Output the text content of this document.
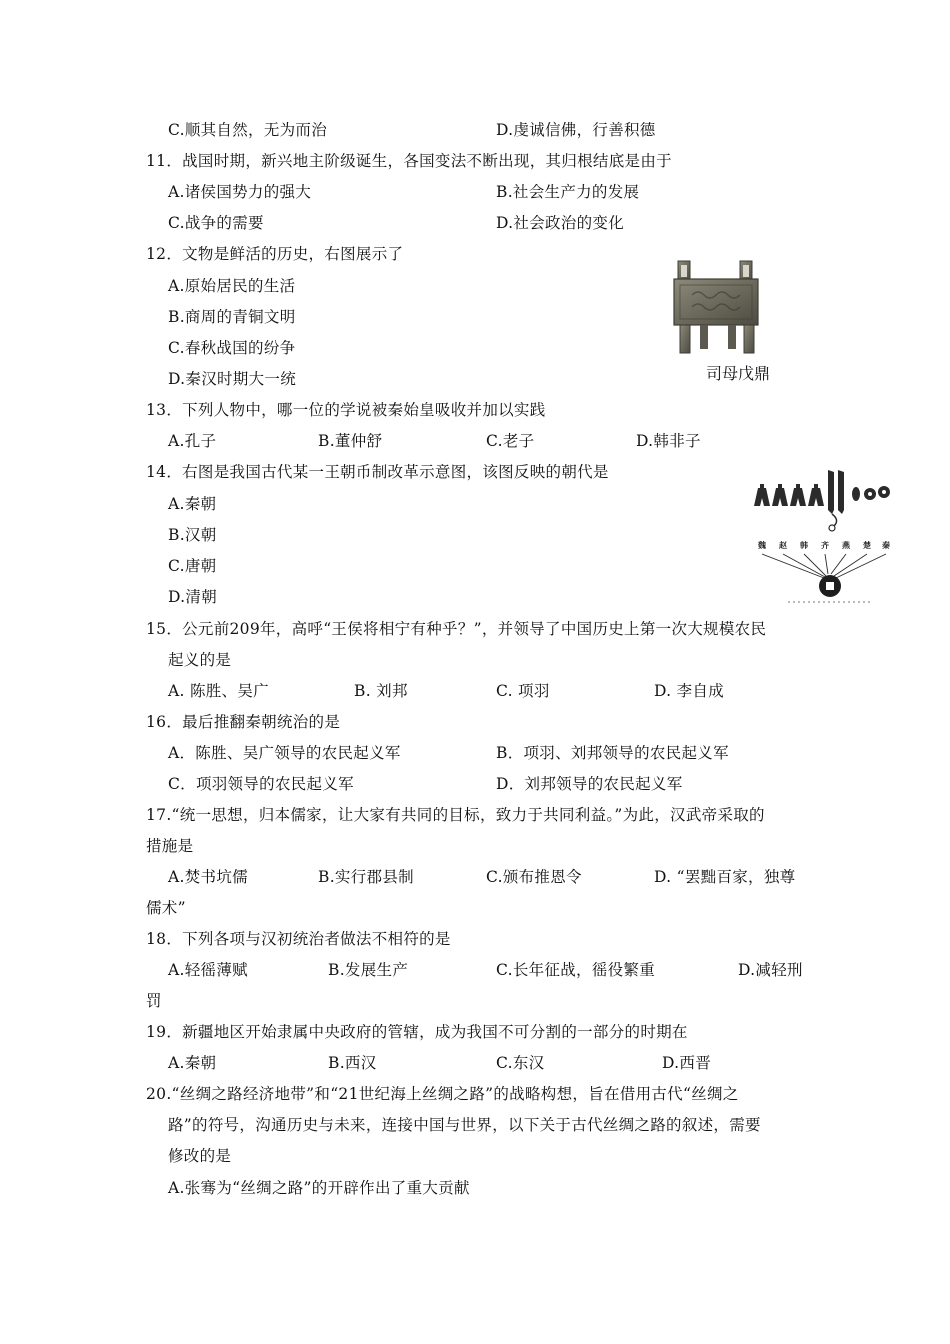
C.顺其自然，无为而治	D.虔诚信佛，行善积德
11．战国时期，新兴地主阶级诞生，各国变法不断出现，其归根结底是由于
A.诸侯国势力的强大	B.社会生产力的发展
C.战争的需要	D.社会政治的变化
12．文物是鲜活的历史，右图展示了
A.原始居民的生活
B.商周的青铜文明
C.春秋战国的纷争
D.秦汉时期大一统	司母戊鼎
13．下列人物中，哪一位的学说被秦始皇吸收并加以实践
A.孔子	B.董仲舒	C.老子	D.韩非子
14．右图是我国古代某一王朝币制改革示意图，该图反映的朝代是
A.秦朝
B.汉朝
C.唐朝
D.清朝
魏 赵 韩 齐 燕 楚 秦
15．公元前209年，高呼“王侯将相宁有种乎？”，并领导了中国历史上第一次大规模农民
起义的是
A. 陈胜、吴广	B. 刘邦	C. 项羽	D. 李自成
16．最后推翻秦朝统治的是
A．陈胜、吴广领导的农民起义军	B．项羽、刘邦领导的农民起义军
C．项羽领导的农民起义军	D．刘邦领导的农民起义军
17.“统一思想，归本儒家，让大家有共同的目标，致力于共同利益。”为此，汉武帝采取的
措施是
A.焚书坑儒	B.实行郡县制	C.颁布推恩令	D. “罢黜百家，独尊
儒术”
18．下列各项与汉初统治者做法不相符的是
A.轻徭薄赋	B.发展生产	C.长年征战，徭役繁重	D.减轻刑
罚
19．新疆地区开始隶属中央政府的管辖，成为我国不可分割的一部分的时期在
A.秦朝	B.西汉	C.东汉	D.西晋
20.“丝绸之路经济地带”和“21世纪海上丝绸之路”的战略构想，旨在借用古代“丝绸之
路”的符号，沟通历史与未来，连接中国与世界，以下关于古代丝绸之路的叙述，需要
修改的是
A.张骞为“丝绸之路”的开辟作出了重大贡献
